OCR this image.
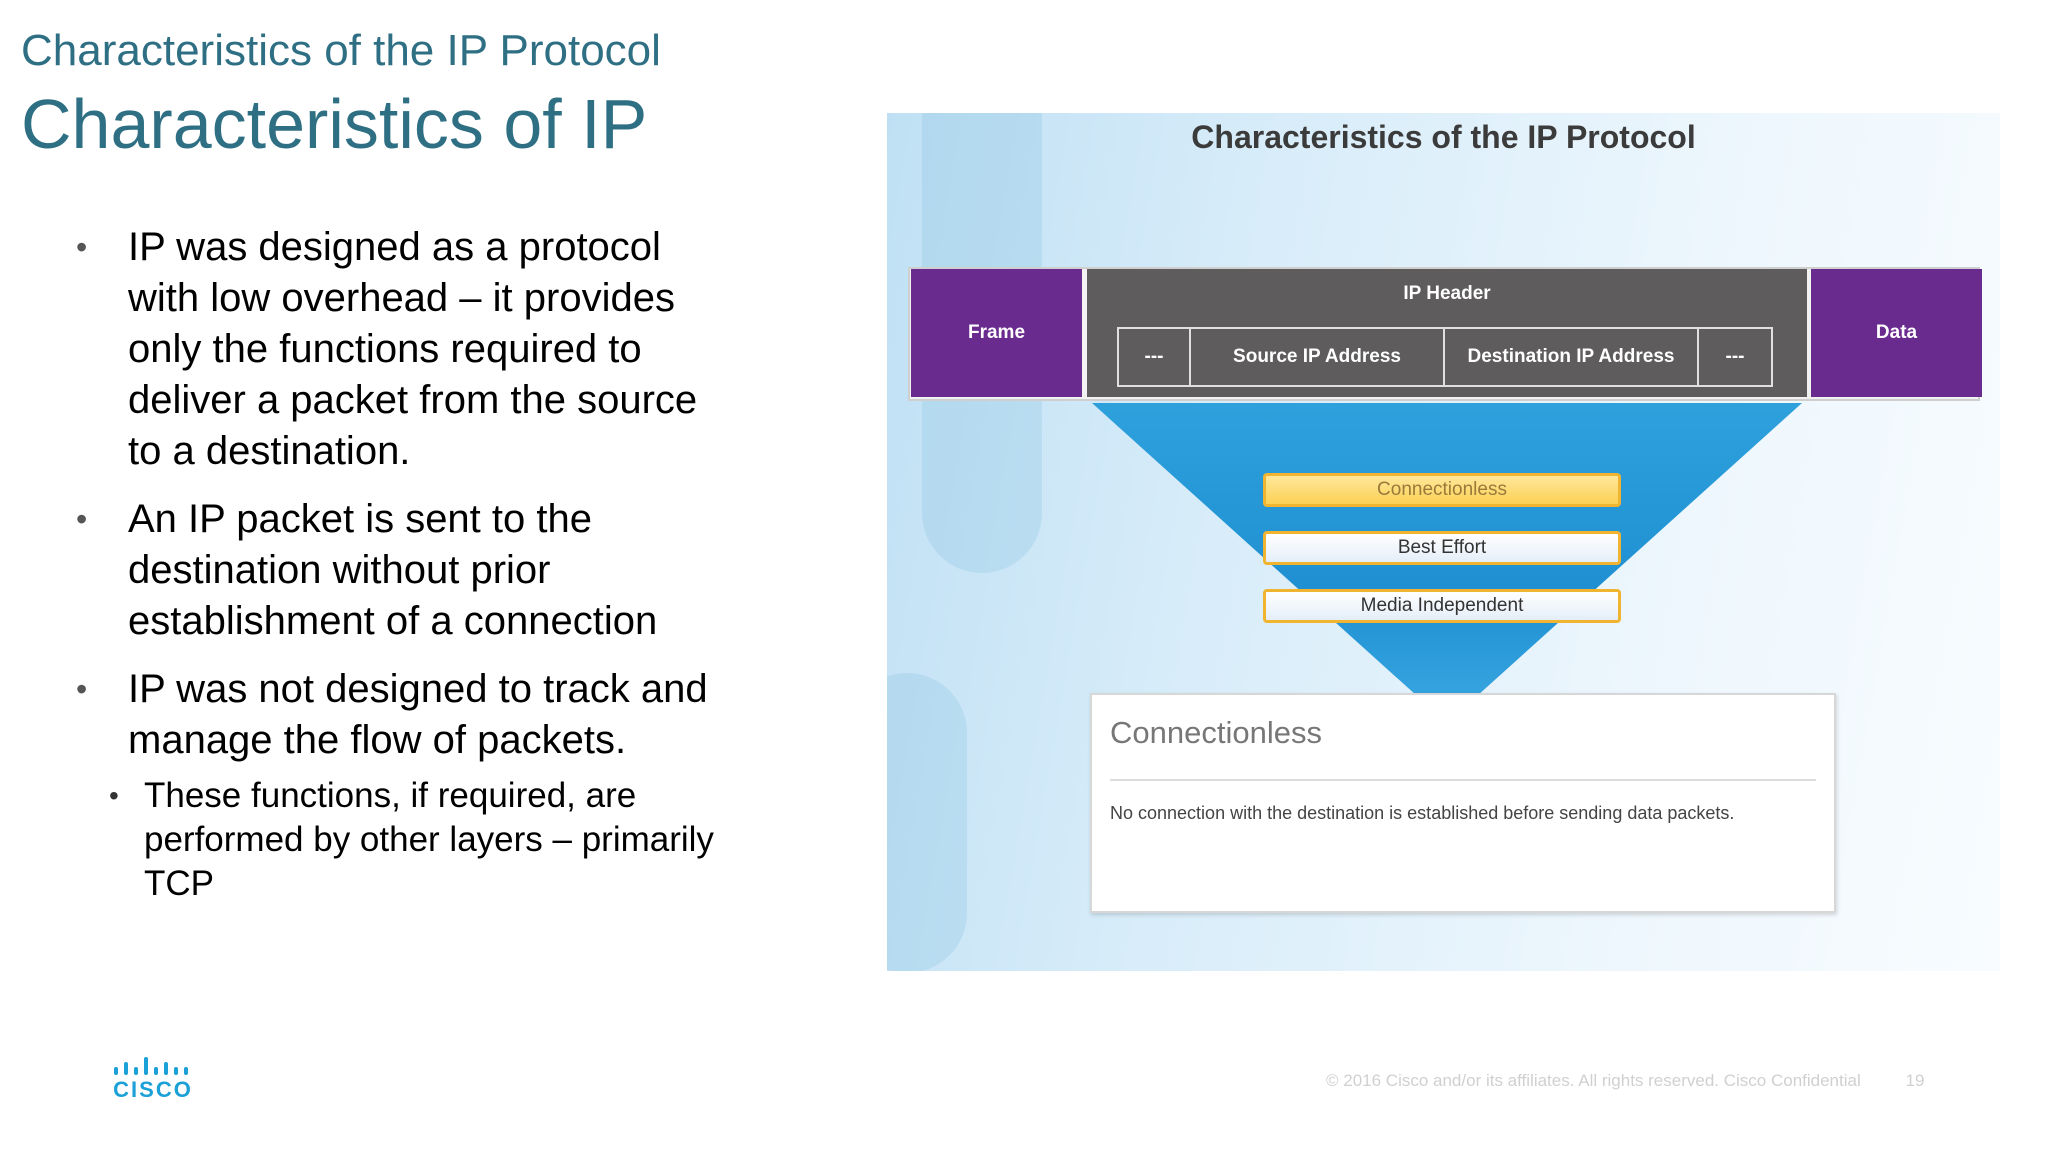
Characteristics of the IP Protocol
Characteristics of IP
• IP was designed as a protocol with low overhead – it provides only the functions required to deliver a packet from the source to a destination.
• An IP packet is sent to the destination without prior establishment of a connection
• IP was not designed to track and manage the flow of packets.
• These functions, if required, are performed by other layers – primarily TCP
Characteristics of the IP Protocol
Frame
IP Header
---	Source IP Address	Destination IP Address	---
Data
Connectionless
Best Effort
Media Independent
Connectionless
No connection with the destination is established before sending data packets.
CISCO	© 2016 Cisco and/or its affiliates. All rights reserved. Cisco Confidential	19
